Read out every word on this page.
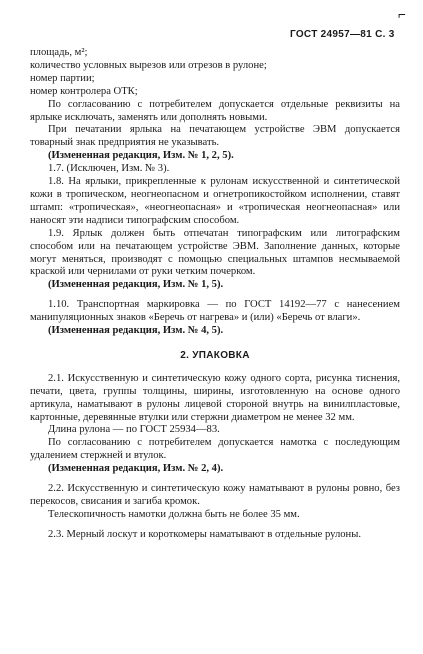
⌐
ГОСТ 24957—81 С. 3

площадь, м²;

количество условных вырезов или отрезов в рулоне;

номер партии;

номер контролера ОТК;

По согласованию с потребителем допускается отдельные реквизиты на ярлыке исключать, заменять или дополнять новыми.

При печатании ярлыка на печатающем устройстве ЭВМ допускается товарный знак предприятия не указывать.

(Измененная редакция, Изм. № 1, 2, 5).

1.7. (Исключен, Изм. № 3).

1.8. На ярлыки, прикрепленные к рулонам искусственной и синтетической кожи в тропическом, неогнеопасном и огнетропикостойком исполнении, ставят штамп: «тропическая», «неогнеопасная» и «тропическая неогнеопасная» или наносят эти надписи типографским способом.

1.9. Ярлык должен быть отпечатан типографским или литографским способом или на печатающем устройстве ЭВМ. Заполнение данных, которые могут меняться, производят с помощью специальных штампов несмываемой краской или чернилами от руки четким почерком.

(Измененная редакция, Изм. № 1, 5).

1.10. Транспортная маркировка — по ГОСТ 14192—77 с нанесением манипуляционных знаков «Беречь от нагрева» и (или) «Беречь от влаги».

(Измененная редакция, Изм. № 4, 5).

2. УПАКОВКА

2.1. Искусственную и синтетическую кожу одного сорта, рисунка тиснения, печати, цвета, группы толщины, ширины, изготовленную на основе одного артикула, наматывают в рулоны лицевой стороной внутрь на винилпластовые, картонные, деревянные втулки или стержни диаметром не менее 32 мм.

Длина рулона — по ГОСТ 25934—83.

По согласованию с потребителем допускается намотка с последующим удалением стержней и втулок.

(Измененная редакция, Изм. № 2, 4).

2.2. Искусственную и синтетическую кожу наматывают в рулоны ровно, без перекосов, свисания и загиба кромок.

Телескопичность намотки должна быть не более 35 мм.

2.3. Мерный лоскут и короткомеры наматывают в отдельные рулоны.
